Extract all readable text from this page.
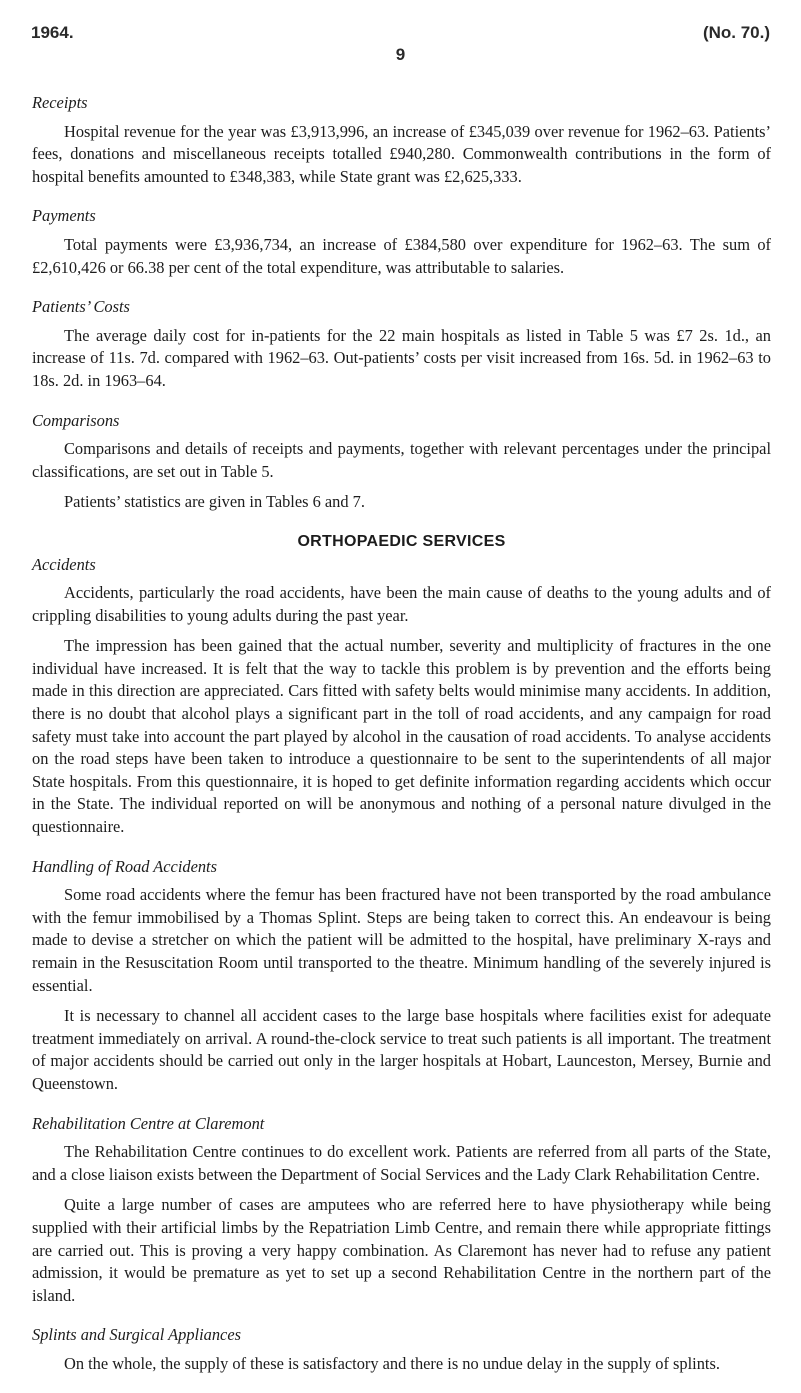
1964.
9
(No. 70.)
Receipts

Hospital revenue for the year was £3,913,996, an increase of £345,039 over revenue for 1962–63. Patients’ fees, donations and miscellaneous receipts totalled £940,280. Commonwealth contributions in the form of hospital benefits amounted to £348,383, while State grant was £2,625,333.

Payments

Total payments were £3,936,734, an increase of £384,580 over expenditure for 1962–63. The sum of £2,610,426 or 66.38 per cent of the total expenditure, was attributable to salaries.

Patients’ Costs

The average daily cost for in-patients for the 22 main hospitals as listed in Table 5 was £7 2s. 1d., an increase of 11s. 7d. compared with 1962–63. Out-patients’ costs per visit increased from 16s. 5d. in 1962–63 to 18s. 2d. in 1963–64.

Comparisons

Comparisons and details of receipts and payments, together with relevant percentages under the principal classifications, are set out in Table 5.

Patients’ statistics are given in Tables 6 and 7.

ORTHOPAEDIC SERVICES
Accidents

Accidents, particularly the road accidents, have been the main cause of deaths to the young adults and of crippling disabilities to young adults during the past year.

The impression has been gained that the actual number, severity and multiplicity of fractures in the one individual have increased. It is felt that the way to tackle this problem is by prevention and the efforts being made in this direction are appreciated. Cars fitted with safety belts would minimise many accidents. In addition, there is no doubt that alcohol plays a significant part in the toll of road accidents, and any campaign for road safety must take into account the part played by alcohol in the causation of road accidents. To analyse accidents on the road steps have been taken to introduce a questionnaire to be sent to the superintendents of all major State hospitals. From this questionnaire, it is hoped to get definite information regarding accidents which occur in the State. The individual reported on will be anonymous and nothing of a personal nature divulged in the questionnaire.

Handling of Road Accidents

Some road accidents where the femur has been fractured have not been transported by the road ambulance with the femur immobilised by a Thomas Splint. Steps are being taken to correct this. An endeavour is being made to devise a stretcher on which the patient will be admitted to the hospital, have preliminary X-rays and remain in the Resuscitation Room until transported to the theatre. Minimum handling of the severely injured is essential.

It is necessary to channel all accident cases to the large base hospitals where facilities exist for adequate treatment immediately on arrival. A round-the-clock service to treat such patients is all important. The treatment of major accidents should be carried out only in the larger hospitals at Hobart, Launceston, Mersey, Burnie and Queenstown.

Rehabilitation Centre at Claremont

The Rehabilitation Centre continues to do excellent work. Patients are referred from all parts of the State, and a close liaison exists between the Department of Social Services and the Lady Clark Rehabilitation Centre.

Quite a large number of cases are amputees who are referred here to have physiotherapy while being supplied with their artificial limbs by the Repatriation Limb Centre, and remain there while appropriate fittings are carried out. This is proving a very happy combination. As Claremont has never had to refuse any patient admission, it would be premature as yet to set up a second Rehabilitation Centre in the northern part of the island.

Splints and Surgical Appliances

On the whole, the supply of these is satisfactory and there is no undue delay in the supply of splints.
